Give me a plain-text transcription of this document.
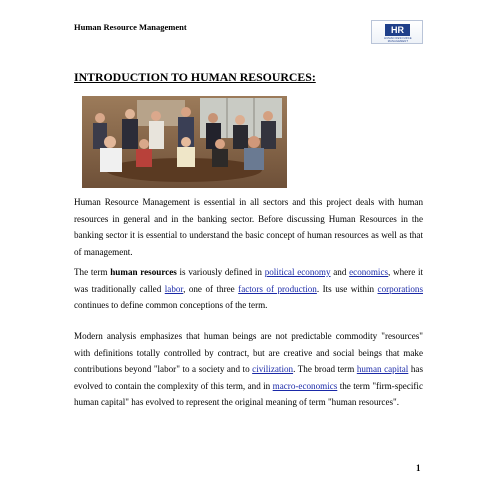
Human Resource Management	HR
HUMAN RESOURCE MANAGEMENT
INTRODUCTION TO HUMAN RESOURCES:

Human Resource Management is essential in all sectors and this project deals with human resources in general and in the banking sector. Before discussing Human Resources in the banking sector it is essential to understand the basic concept of human resources as well as that of management.

The term human resources is variously defined in political economy and economics, where it was traditionally called labor, one of three factors of production. Its use within corporations continues to define common conceptions of the term.

Modern analysis emphasizes that human beings are not predictable commodity "resources" with definitions totally controlled by contract, but are creative and social beings that make contributions beyond "labor" to a society and to civilization. The broad term human capital has evolved to contain the complexity of this term, and in macro-economics the term "firm-specific human capital" has evolved to represent the original meaning of term "human resources".

1
